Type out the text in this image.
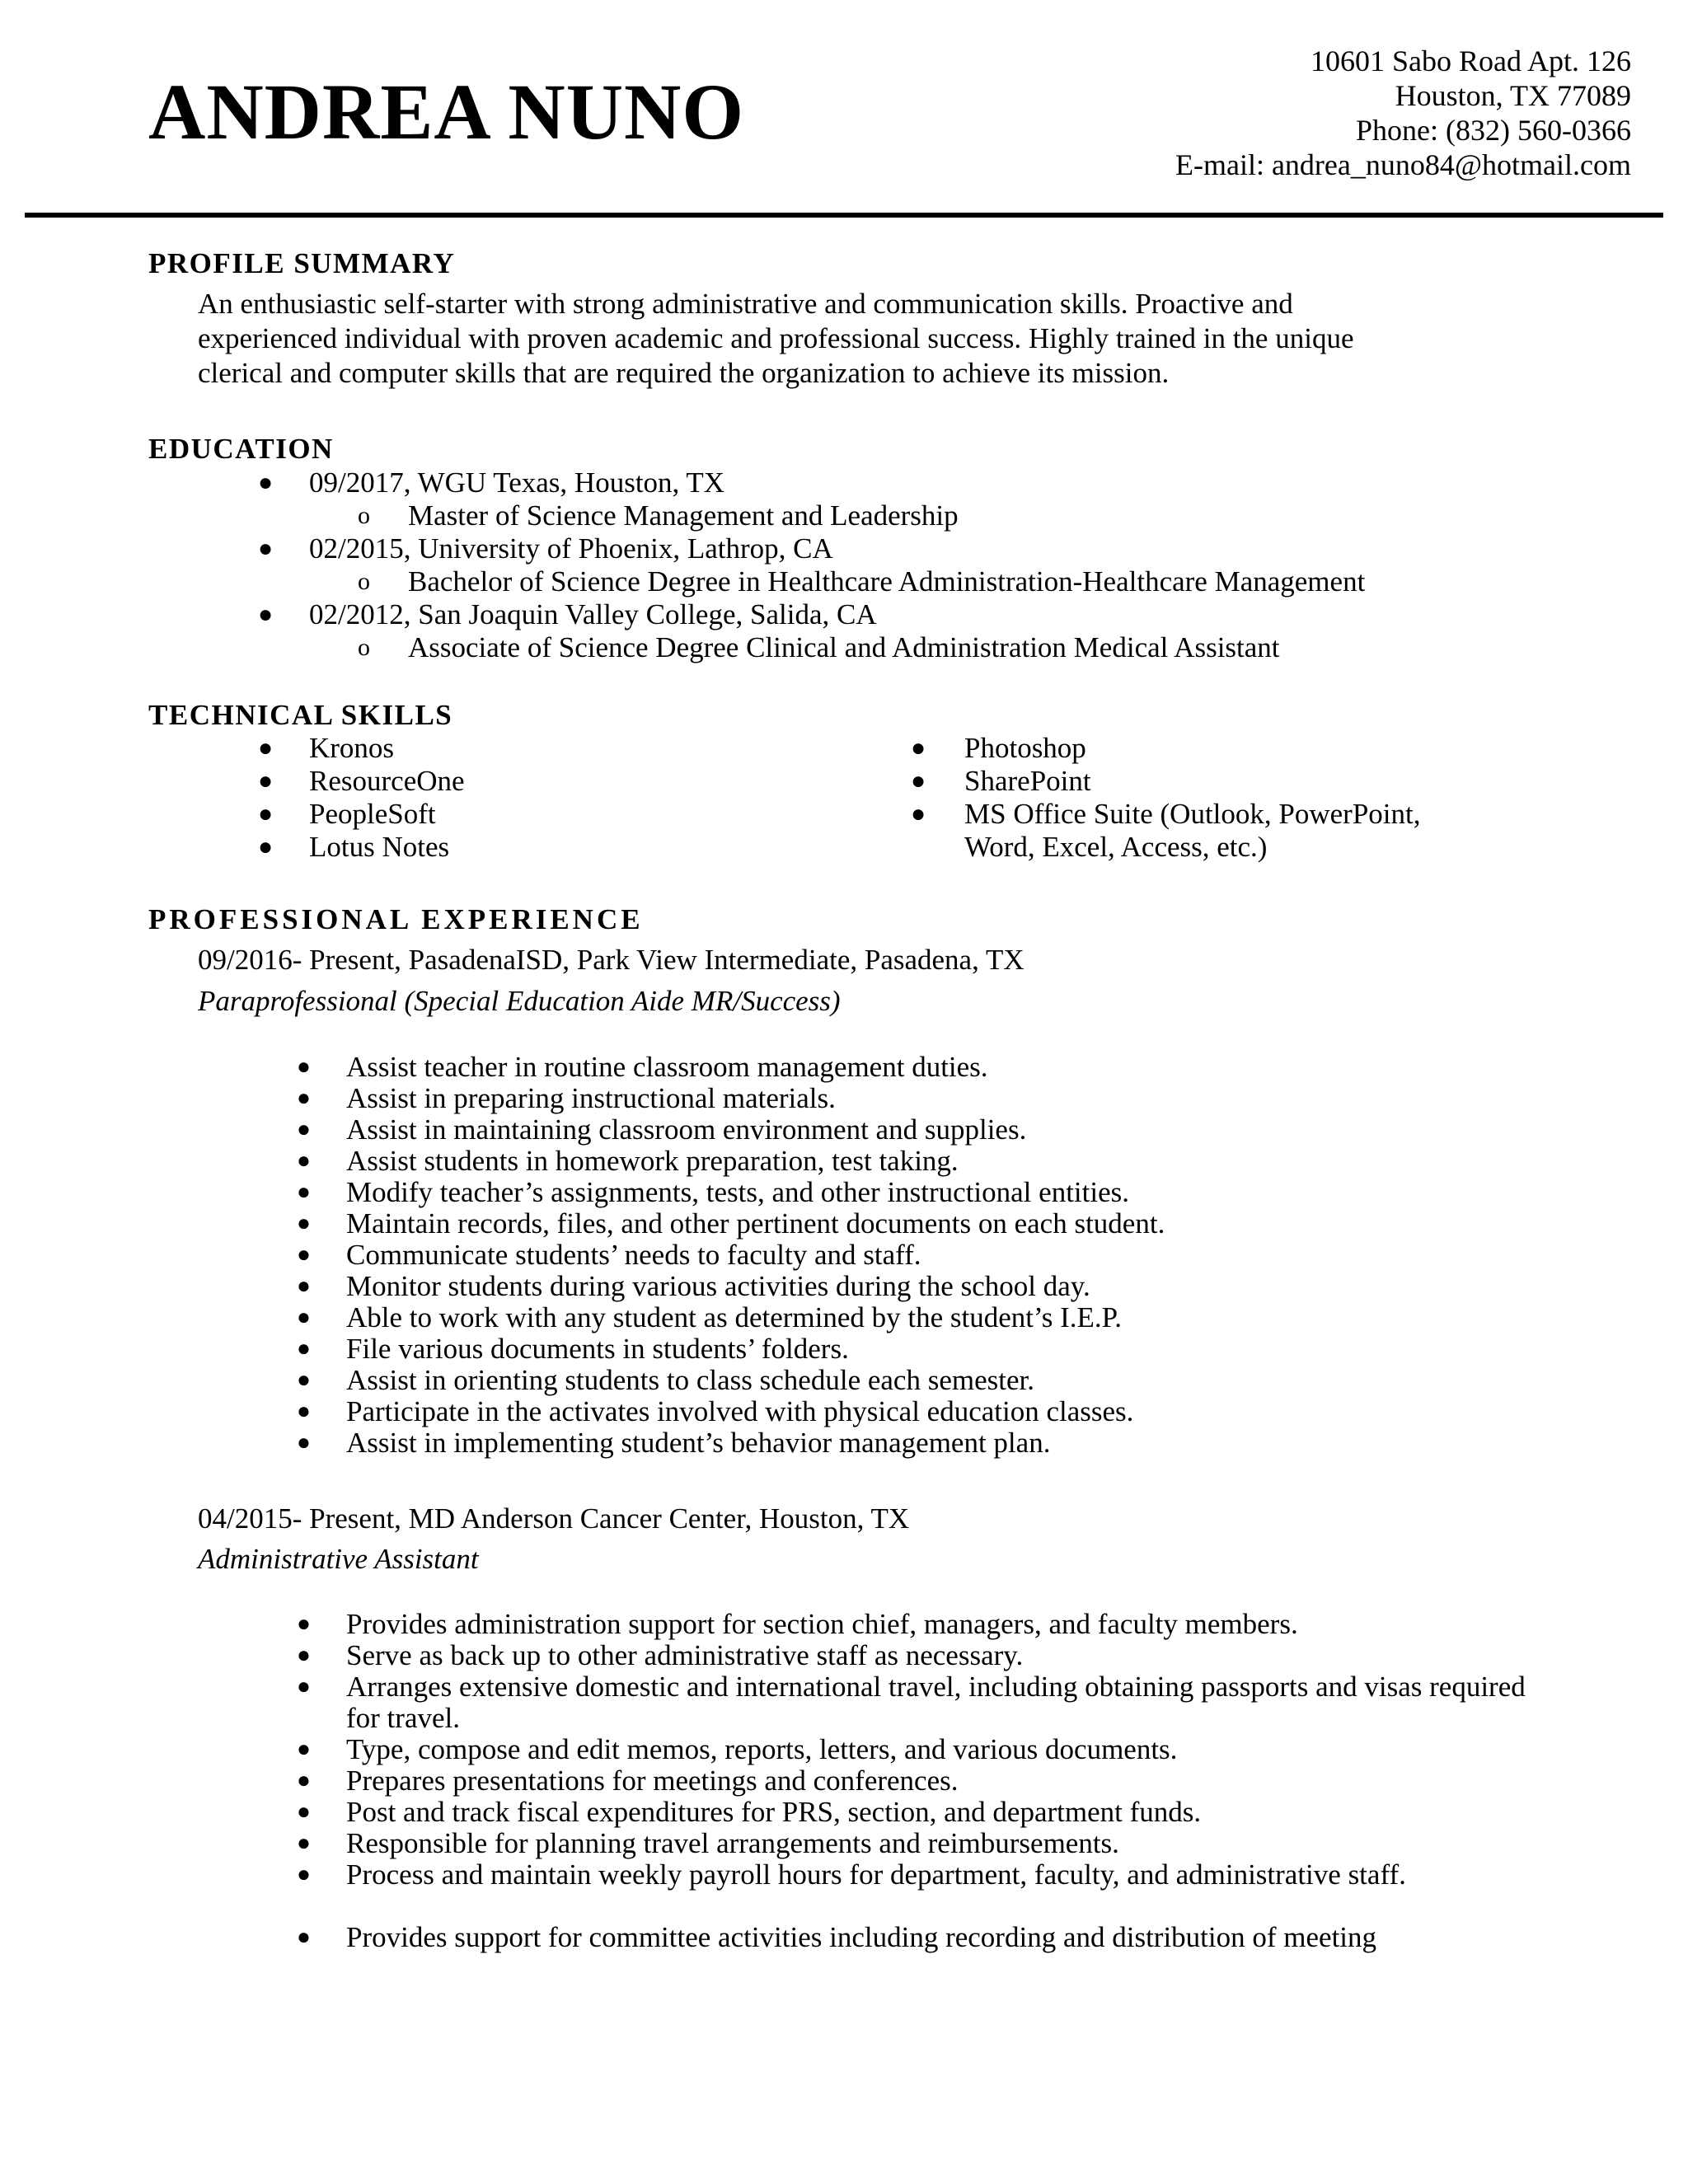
ANDREA NUNO
10601 Sabo Road Apt. 126
Houston, TX 77089
Phone: (832) 560-0366
E-mail: andrea_nuno84@hotmail.com
PROFILE SUMMARY
An enthusiastic self-starter with strong administrative and communication skills. Proactive and
experienced individual with proven academic and professional success. Highly trained in the unique
clerical and computer skills that are required the organization to achieve its mission.
EDUCATION
● 09/2017, WGU Texas, Houston, TX
o Master of Science Management and Leadership
● 02/2015, University of Phoenix, Lathrop, CA
o Bachelor of Science Degree in Healthcare Administration-Healthcare Management
● 02/2012, San Joaquin Valley College, Salida, CA
o Associate of Science Degree Clinical and Administration Medical Assistant
TECHNICAL SKILLS
● Kronos
● ResourceOne
● PeopleSoft
● Lotus Notes
● Photoshop
● SharePoint
● MS Office Suite (Outlook, PowerPoint,
Word, Excel, Access, etc.)
PROFESSIONAL EXPERIENCE
09/2016- Present, PasadenaISD, Park View Intermediate, Pasadena, TX
Paraprofessional (Special Education Aide MR/Success)
● Assist teacher in routine classroom management duties.
● Assist in preparing instructional materials.
● Assist in maintaining classroom environment and supplies.
● Assist students in homework preparation, test taking.
● Modify teacher’s assignments, tests, and other instructional entities.
● Maintain records, files, and other pertinent documents on each student.
● Communicate students’ needs to faculty and staff.
● Monitor students during various activities during the school day.
● Able to work with any student as determined by the student’s I.E.P.
● File various documents in students’ folders.
● Assist in orienting students to class schedule each semester.
● Participate in the activates involved with physical education classes.
● Assist in implementing student’s behavior management plan.
04/2015- Present, MD Anderson Cancer Center, Houston, TX
Administrative Assistant
● Provides administration support for section chief, managers, and faculty members.
● Serve as back up to other administrative staff as necessary.
● Arranges extensive domestic and international travel, including obtaining passports and visas required for travel.
● Type, compose and edit memos, reports, letters, and various documents.
● Prepares presentations for meetings and conferences.
● Post and track fiscal expenditures for PRS, section, and department funds.
● Responsible for planning travel arrangements and reimbursements.
● Process and maintain weekly payroll hours for department, faculty, and administrative staff.
● Provides support for committee activities including recording and distribution of meeting
